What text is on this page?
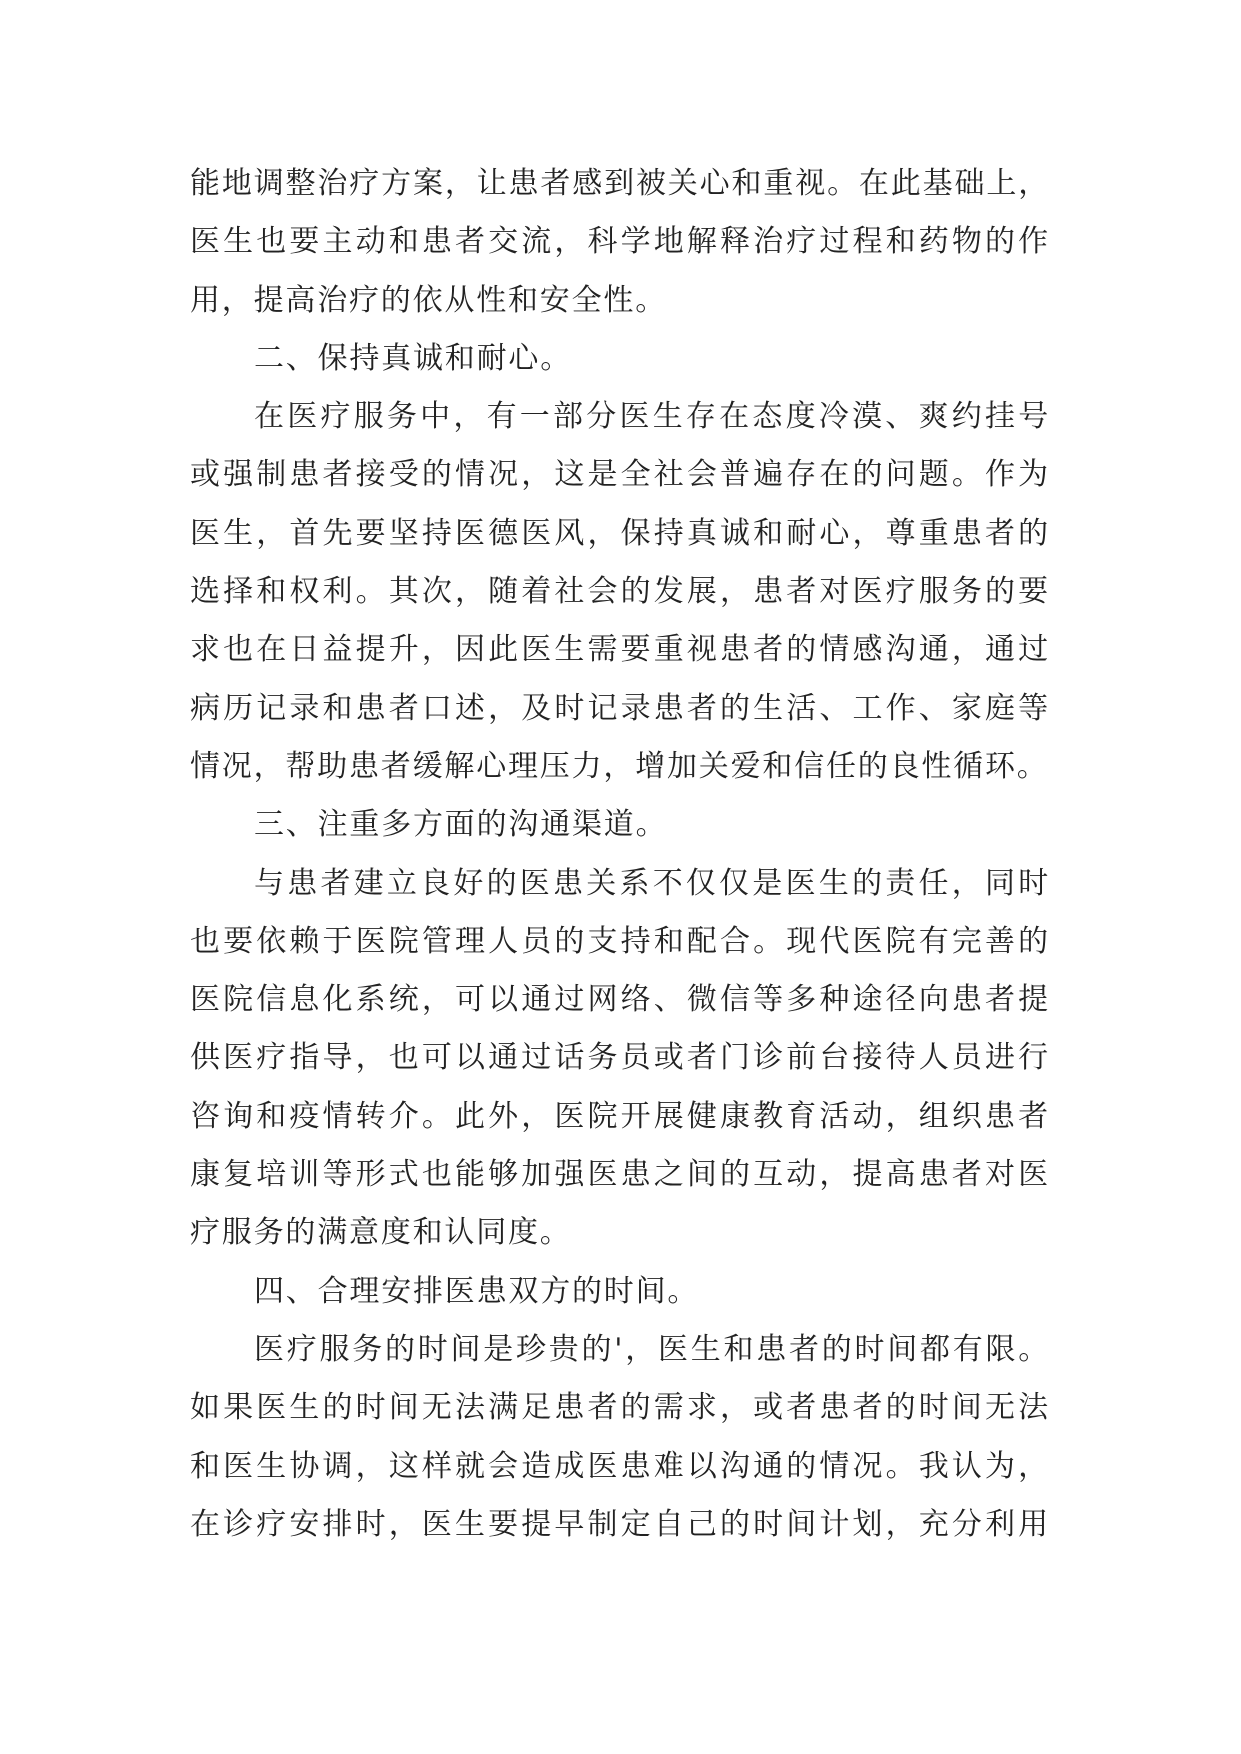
能地调整治疗方案，让患者感到被关心和重视。在此基础上，
医生也要主动和患者交流，科学地解释治疗过程和药物的作
用，提高治疗的依从性和安全性。
二、保持真诚和耐心。
在医疗服务中，有一部分医生存在态度冷漠、爽约挂号
或强制患者接受的情况，这是全社会普遍存在的问题。作为
医生，首先要坚持医德医风，保持真诚和耐心，尊重患者的
选择和权利。其次，随着社会的发展，患者对医疗服务的要
求也在日益提升，因此医生需要重视患者的情感沟通，通过
病历记录和患者口述，及时记录患者的生活、工作、家庭等
情况，帮助患者缓解心理压力，增加关爱和信任的良性循环。
三、注重多方面的沟通渠道。
与患者建立良好的医患关系不仅仅是医生的责任，同时
也要依赖于医院管理人员的支持和配合。现代医院有完善的
医院信息化系统，可以通过网络、微信等多种途径向患者提
供医疗指导，也可以通过话务员或者门诊前台接待人员进行
咨询和疫情转介。此外，医院开展健康教育活动，组织患者
康复培训等形式也能够加强医患之间的互动，提高患者对医
疗服务的满意度和认同度。
四、合理安排医患双方的时间。
医疗服务的时间是珍贵的'，医生和患者的时间都有限。
如果医生的时间无法满足患者的需求，或者患者的时间无法
和医生协调，这样就会造成医患难以沟通的情况。我认为，
在诊疗安排时，医生要提早制定自己的时间计划，充分利用
